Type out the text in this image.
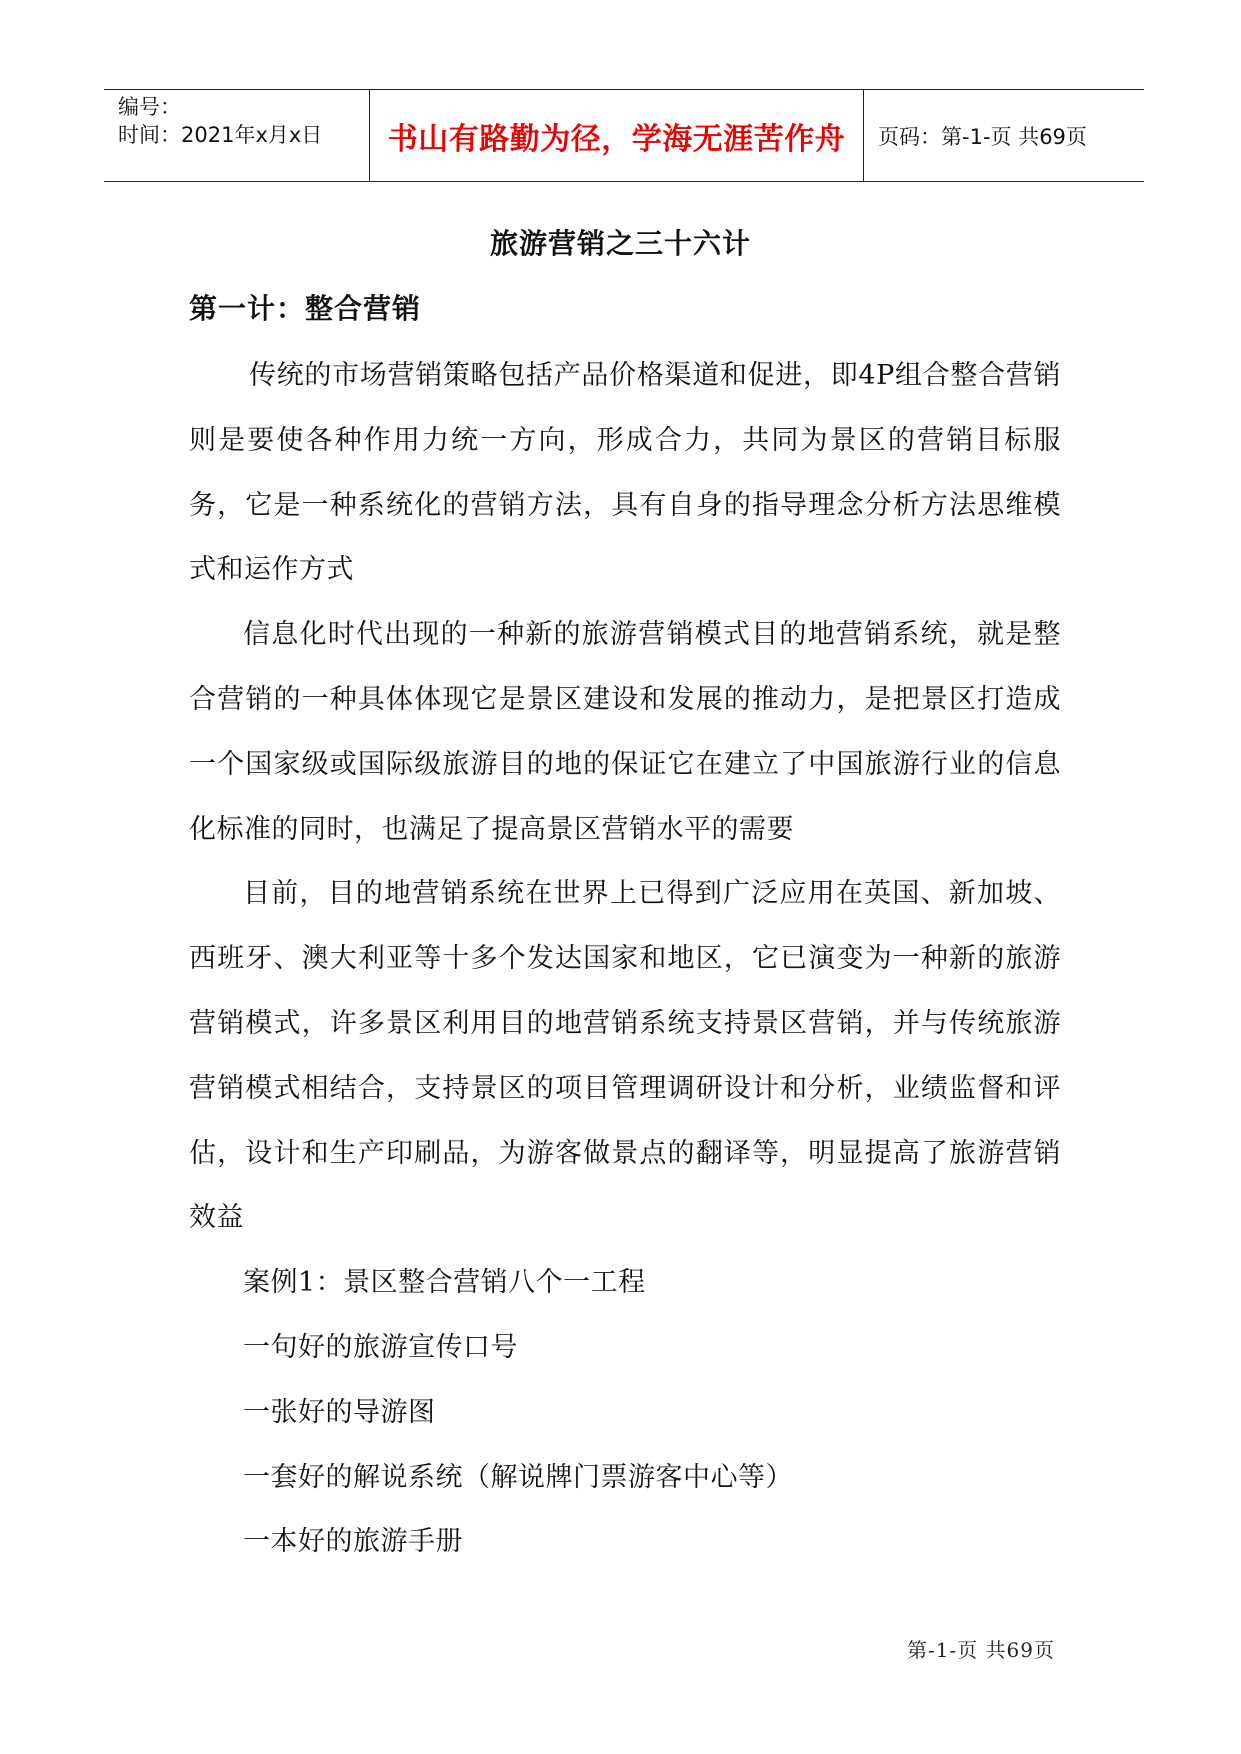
编号：
时间：2021年x月x日	书山有路勤为径，学海无涯苦作舟 页码：第-1-页 共69页
旅游营销之三十六计
第一计：整合营销

传统的市场营销策略包括产品价格渠道和促进，即4P组合整合营销则是要使各种作用力统一方向，形成合力，共同为景区的营销目标服务，它是一种系统化的营销方法，具有自身的指导理念分析方法思维模式和运作方式

信息化时代出现的一种新的旅游营销模式目的地营销系统，就是整合营销的一种具体体现它是景区建设和发展的推动力，是把景区打造成一个国家级或国际级旅游目的地的保证它在建立了中国旅游行业的信息化标准的同时，也满足了提高景区营销水平的需要

目前，目的地营销系统在世界上已得到广泛应用在英国、新加坡、西班牙、澳大利亚等十多个发达国家和地区，它已演变为一种新的旅游营销模式，许多景区利用目的地营销系统支持景区营销，并与传统旅游营销模式相结合，支持景区的项目管理调研设计和分析，业绩监督和评估，设计和生产印刷品，为游客做景点的翻译等，明显提高了旅游营销效益

案例1：景区整合营销八个一工程

一句好的旅游宣传口号

一张好的导游图

一套好的解说系统（解说牌门票游客中心等）

一本好的旅游手册

第-1-页 共69页
